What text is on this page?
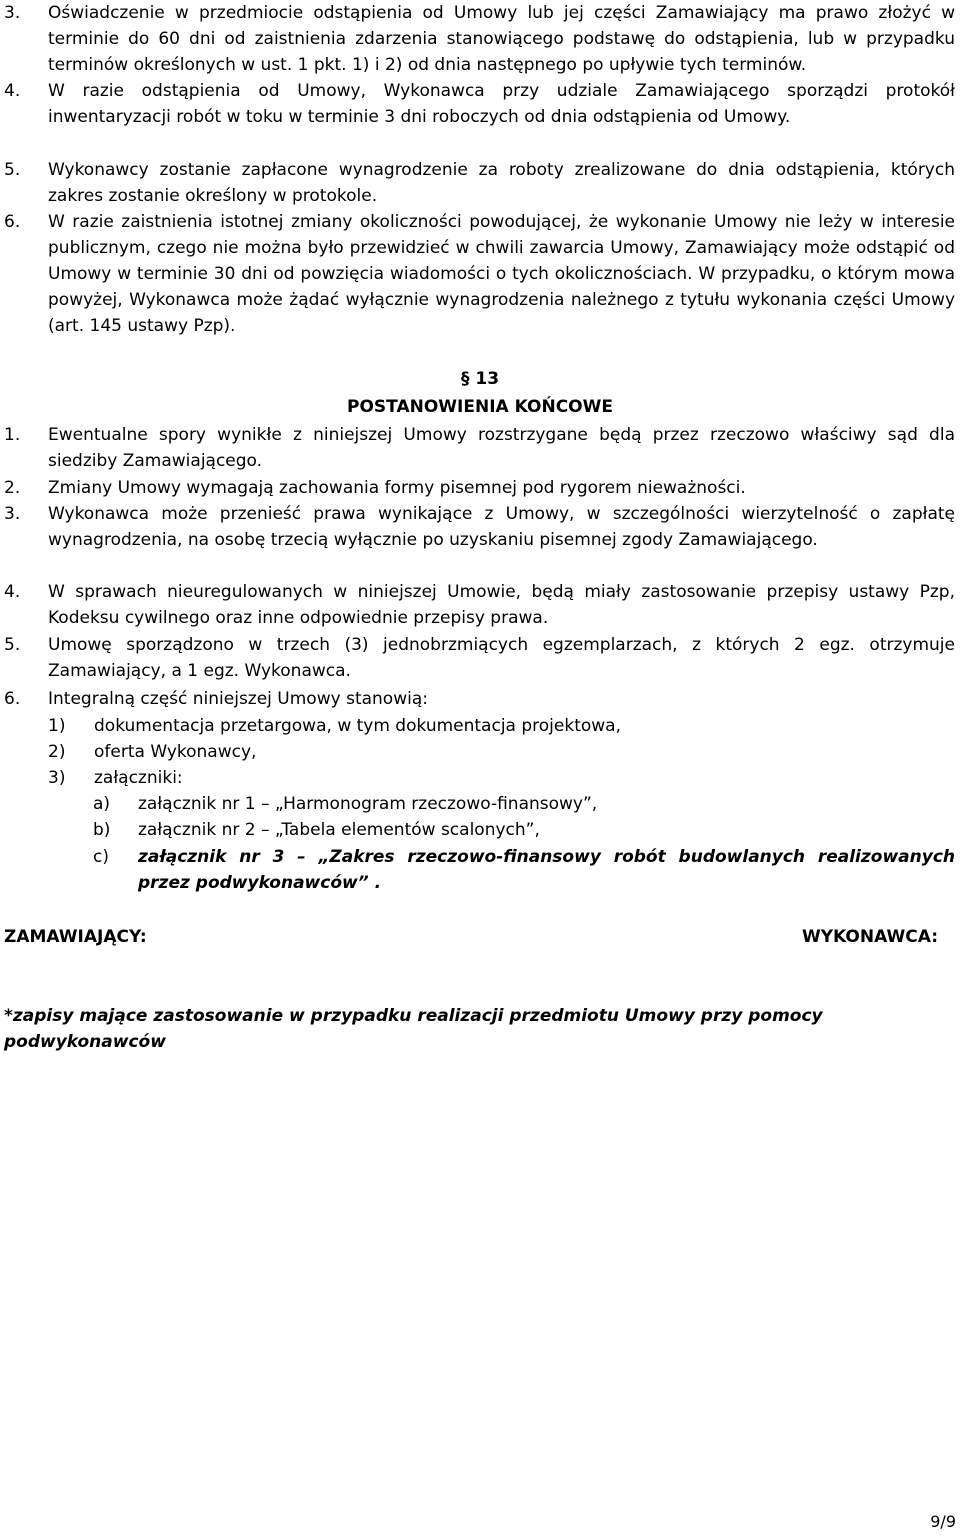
3. Oświadczenie w przedmiocie odstąpienia od Umowy lub jej części Zamawiający ma prawo złożyć w terminie do 60 dni od zaistnienia zdarzenia stanowiącego podstawę do odstąpienia, lub w przypadku terminów określonych w ust. 1 pkt. 1) i 2) od dnia następnego po upływie tych terminów.
4. W razie odstąpienia od Umowy, Wykonawca przy udziale Zamawiającego sporządzi protokół inwentaryzacji robót w toku w terminie 3 dni roboczych od dnia odstąpienia od Umowy.
5. Wykonawcy zostanie zapłacone wynagrodzenie za roboty zrealizowane do dnia odstąpienia, których zakres zostanie określony w protokole.
6. W razie zaistnienia istotnej zmiany okoliczności powodującej, że wykonanie Umowy nie leży w interesie publicznym, czego nie można było przewidzieć w chwili zawarcia Umowy, Zamawiający może odstąpić od Umowy w terminie 30 dni od powzięcia wiadomości o tych okolicznościach. W przypadku, o którym mowa powyżej, Wykonawca może żądać wyłącznie wynagrodzenia należnego z tytułu wykonania części Umowy (art. 145 ustawy Pzp).
§ 13
POSTANOWIENIA KOŃCOWE
1. Ewentualne spory wynikłe z niniejszej Umowy rozstrzygane będą przez rzeczowo właściwy sąd dla siedziby Zamawiającego.
2. Zmiany Umowy wymagają zachowania formy pisemnej pod rygorem nieważności.
3. Wykonawca może przenieść prawa wynikające z Umowy, w szczególności wierzytelność o zapłatę wynagrodzenia, na osobę trzecią wyłącznie po uzyskaniu pisemnej zgody Zamawiającego.
4. W sprawach nieuregulowanych w niniejszej Umowie, będą miały zastosowanie przepisy ustawy Pzp, Kodeksu cywilnego oraz inne odpowiednie przepisy prawa.
5. Umowę sporządzono w trzech (3) jednobrzmiących egzemplarzach, z których 2 egz. otrzymuje Zamawiający, a 1 egz. Wykonawca.
6. Integralną część niniejszej Umowy stanowią:
1) dokumentacja przetargowa, w tym dokumentacja projektowa,
2) oferta Wykonawcy,
3) załączniki:
a) załącznik nr 1 – „Harmonogram rzeczowo-finansowy”,
b) załącznik nr 2 – „Tabela elementów scalonych”,
c) załącznik nr 3 – „Zakres rzeczowo-finansowy robót budowlanych realizowanych przez podwykonawców” .
ZAMAWIAJĄCY:	WYKONAWCA:
*zapisy mające zastosowanie w przypadku realizacji przedmiotu Umowy przy pomocy podwykonawców
9/9
